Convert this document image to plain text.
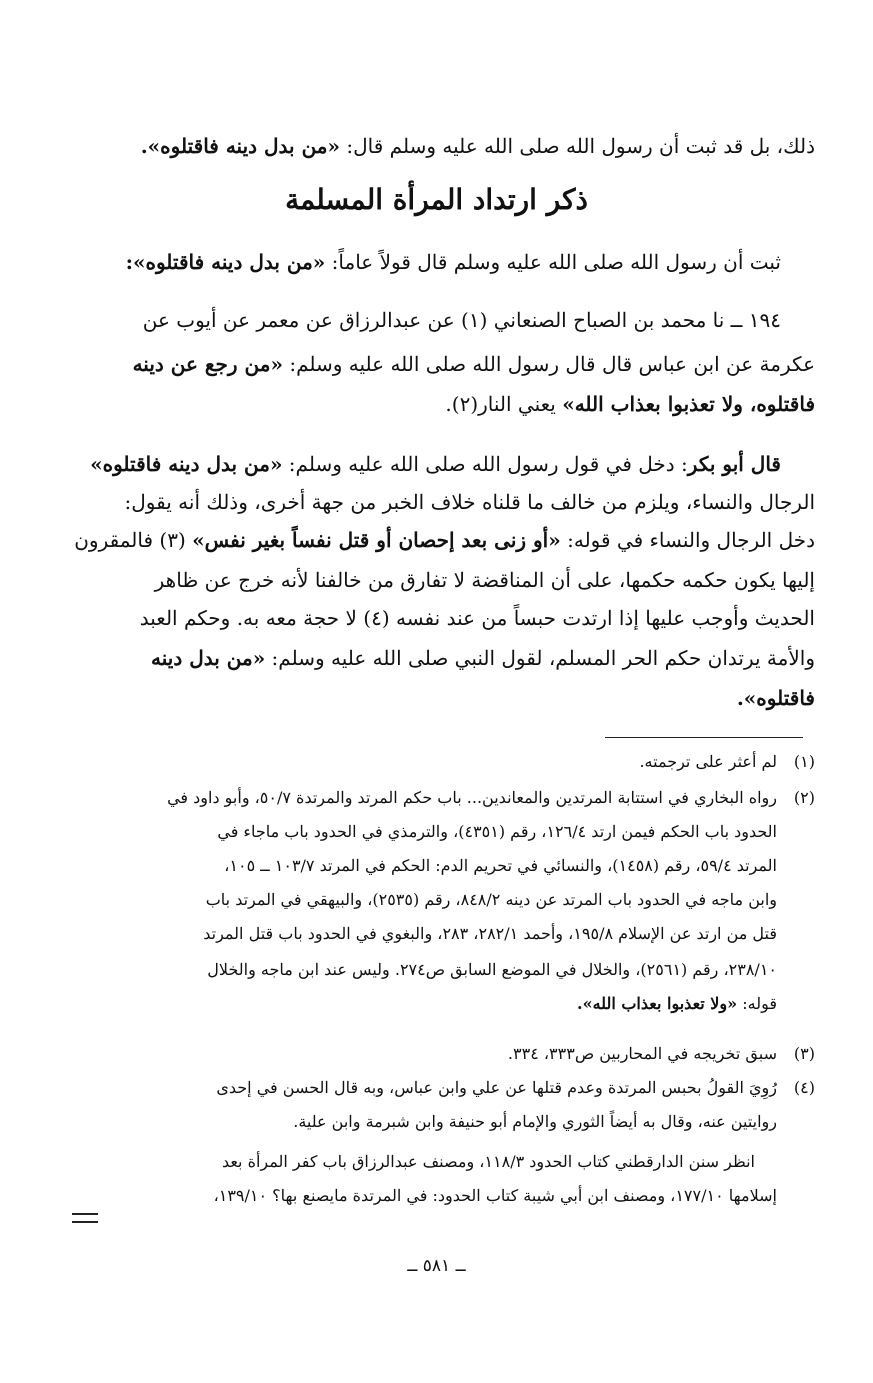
ذلك، بل قد ثبت أن رسول الله صلى الله عليه وسلم قال: «من بدل دينه فاقتلوه».
ذكر ارتداد المرأة المسلمة
ثبت أن رسول الله صلى الله عليه وسلم قال قولاً عاماً: «من بدل دينه فاقتلوه»:
١٩٤ ــ نا محمد بن الصباح الصنعاني (١) عن عبدالرزاق عن معمر عن أيوب عن
عكرمة عن ابن عباس قال قال رسول الله صلى الله عليه وسلم: «من رجع عن دينه
فاقتلوه، ولا تعذبوا بعذاب الله» يعني النار(٢).
قال أبو بكر: دخل في قول رسول الله صلى الله عليه وسلم: «من بدل دينه فاقتلوه»
الرجال والنساء، ويلزم من خالف ما قلناه خلاف الخبر من جهة أخرى، وذلك أنه يقول:
دخل الرجال والنساء في قوله: «أو زنى بعد إحصان أو قتل نفساً بغير نفس» (٣) فالمقرون
إليها يكون حكمه حكمها، على أن المناقضة لا تفارق من خالفنا لأنه خرج عن ظاهر
الحديث وأوجب عليها إذا ارتدت حبساً من عند نفسه (٤) لا حجة معه به. وحكم العبد
والأمة يرتدان حكم الحر المسلم، لقول النبي صلى الله عليه وسلم: «من بدل دينه
فاقتلوه».
(١)
لم أعثر على ترجمته.
(٢)
رواه البخاري في استتابة المرتدين والمعاندين... باب حكم المرتد والمرتدة ٥٠/٧، وأبو داود في
الحدود باب الحكم فيمن ارتد ١٢٦/٤، رقم (٤٣٥١)، والترمذي في الحدود باب ماجاء في
المرتد ٥٩/٤، رقم (١٤٥٨)، والنسائي في تحريم الدم: الحكم في المرتد ١٠٣/٧ ــ ١٠٥،
وابن ماجه في الحدود باب المرتد عن دينه ٨٤٨/٢، رقم (٢٥٣٥)، والبيهقي في المرتد باب
قتل من ارتد عن الإسلام ١٩٥/٨، وأحمد ٢٨٢/١، ٢٨٣، والبغوي في الحدود باب قتل المرتد
٢٣٨/١٠، رقم (٢٥٦١)، والخلال في الموضع السابق ص٢٧٤. وليس عند ابن ماجه والخلال
قوله: «ولا تعذبوا بعذاب الله».
(٣)
سبق تخريجه في المحاربين ص٣٣٣، ٣٣٤.
(٤)
رُوِيَ القولُ بحبس المرتدة وعدم قتلها عن علي وابن عباس، وبه قال الحسن في إحدى
روايتين عنه، وقال به أيضاً الثوري والإمام أبو حنيفة وابن شبرمة وابن علية.
انظر سنن الدارقطني كتاب الحدود ١١٨/٣، ومصنف عبدالرزاق باب كفر المرأة بعد
إسلامها ١٧٧/١٠، ومصنف ابن أبي شيبة كتاب الحدود: في المرتدة مايصنع بها؟ ١٣٩/١٠،
ــ ٥٨١ ــ
